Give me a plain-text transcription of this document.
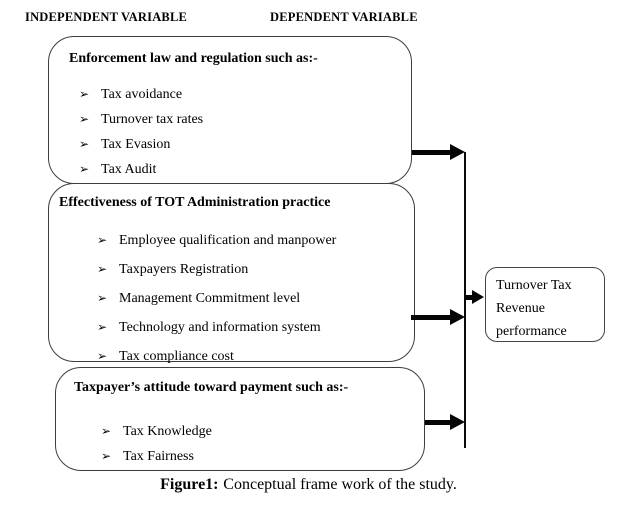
INDEPENDENT VARIABLE	DEPENDENT VARIABLE
Enforcement law and regulation such as:-
➢ Tax avoidance
➢ Turnover tax rates
➢ Tax Evasion
➢ Tax Audit
Effectiveness of TOT Administration practice
➢ Employee qualification and manpower
➢ Taxpayers Registration
➢ Management Commitment level
➢ Technology and information system
➢ Tax compliance cost
Taxpayer’s attitude toward payment such as:-
➢ Tax Knowledge
➢ Tax Fairness
Turnover Tax
Revenue
performance
Figure1: Conceptual frame work of the study.
